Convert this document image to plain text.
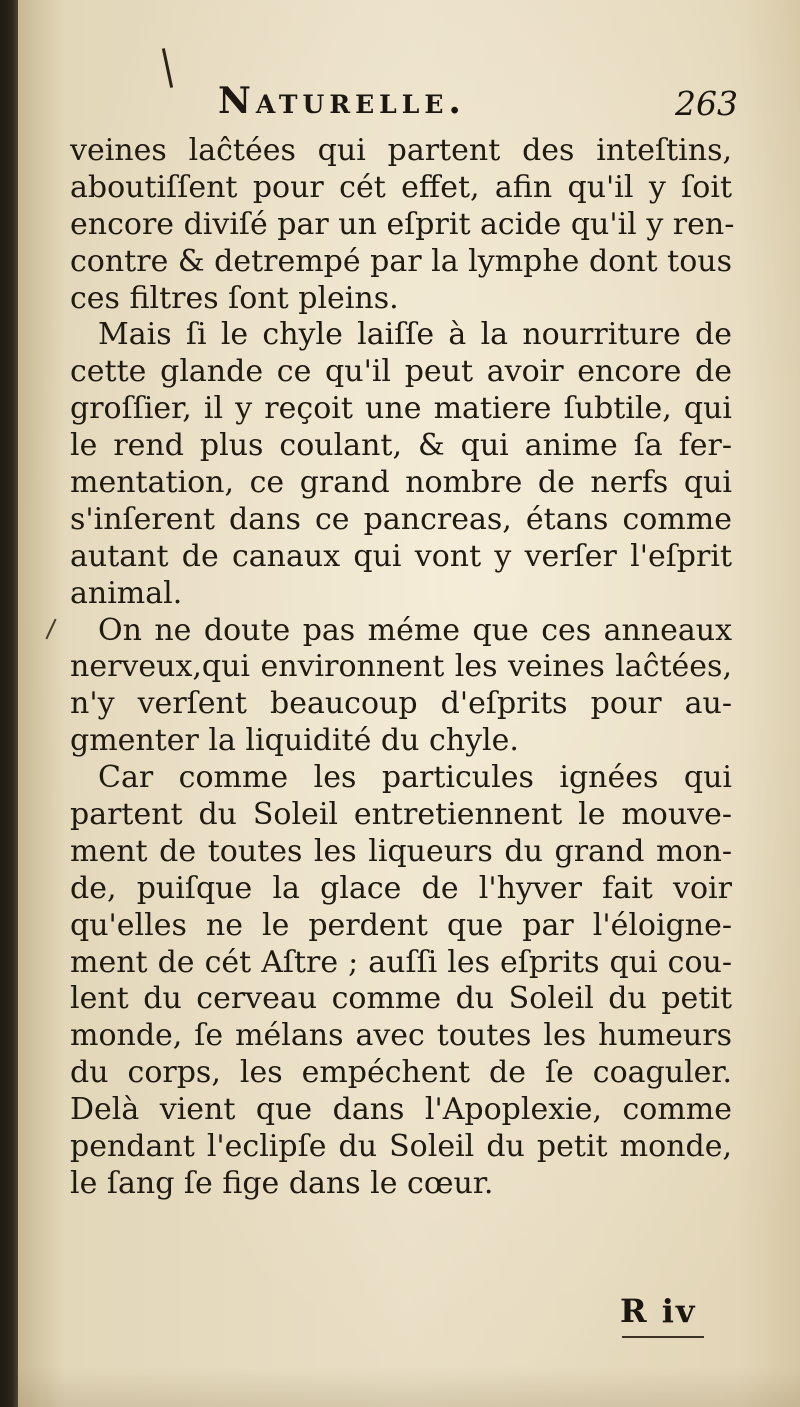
Naturelle.	263
veines laĉtées qui partent des inteſtins,
aboutiſſent pour cét effet, afin qu'il y ſoit
encore diviſé par un eſprit acide qu'il y ren-
contre & detrempé par la lymphe dont tous
ces filtres ſont pleins.
Mais ſi le chyle laiſſe à la nourriture de
cette glande ce qu'il peut avoir encore de
groſſier, il y reçoit une matiere ſubtile, qui
le rend plus coulant, & qui anime ſa fer-
mentation, ce grand nombre de nerfs qui
s'inſerent dans ce pancreas, étans comme
autant de canaux qui vont y verſer l'eſprit
animal.
On ne doute pas méme que ces anneaux
nerveux,qui environnent les veines laĉtées,
n'y verſent beaucoup d'eſprits pour au-
gmenter la liquidité du chyle.
Car comme les particules ignées qui
partent du Soleil entretiennent le mouve-
ment de toutes les liqueurs du grand mon-
de, puiſque la glace de l'hyver fait voir
qu'elles ne le perdent que par l'éloigne-
ment de cét Aſtre ; auſſi les eſprits qui cou-
lent du cerveau comme du Soleil du petit
monde, ſe mélans avec toutes les humeurs
du corps, les empéchent de ſe coaguler.
Delà vient que dans l'Apoplexie, comme
pendant l'eclipſe du Soleil du petit monde,
le ſang ſe fige dans le cœur.
R iv
